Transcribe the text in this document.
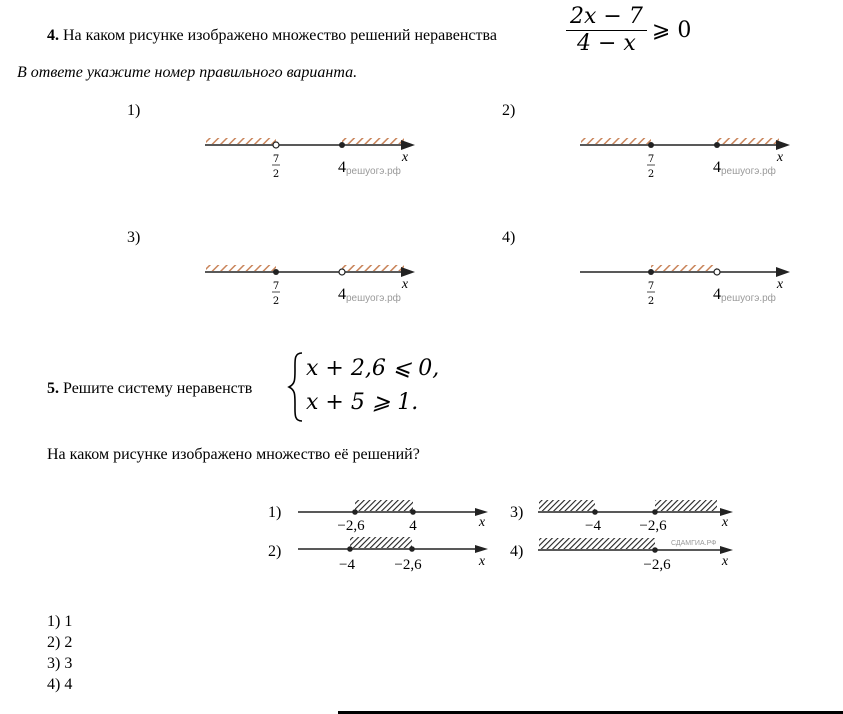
4. На каком рисунке изображено множество решений неравенства	$\frac{2x - 7}{4 - x}$ ⩾ 0
В ответе укажите номер правильного варианта.
1)	2)
3)	4)
7
2	4
x
решуогэ.рф
7
2	4
x
решуогэ.рф
7
2	4
x
решуогэ.рф
7
2	4
x
решуогэ.рф
5. Решите систему неравенств
x + 2,6 ⩽ 0,
x + 5 ⩾ 1.
На каком рисунке изображено множество её решений?
1)
−2,6	4	x
2)
−4	−2,6	x
3)
−4	−2,6	x
4)
−2,6	x
СДАМГИА.РФ
1) 1
2) 2
3) 3
4) 4
